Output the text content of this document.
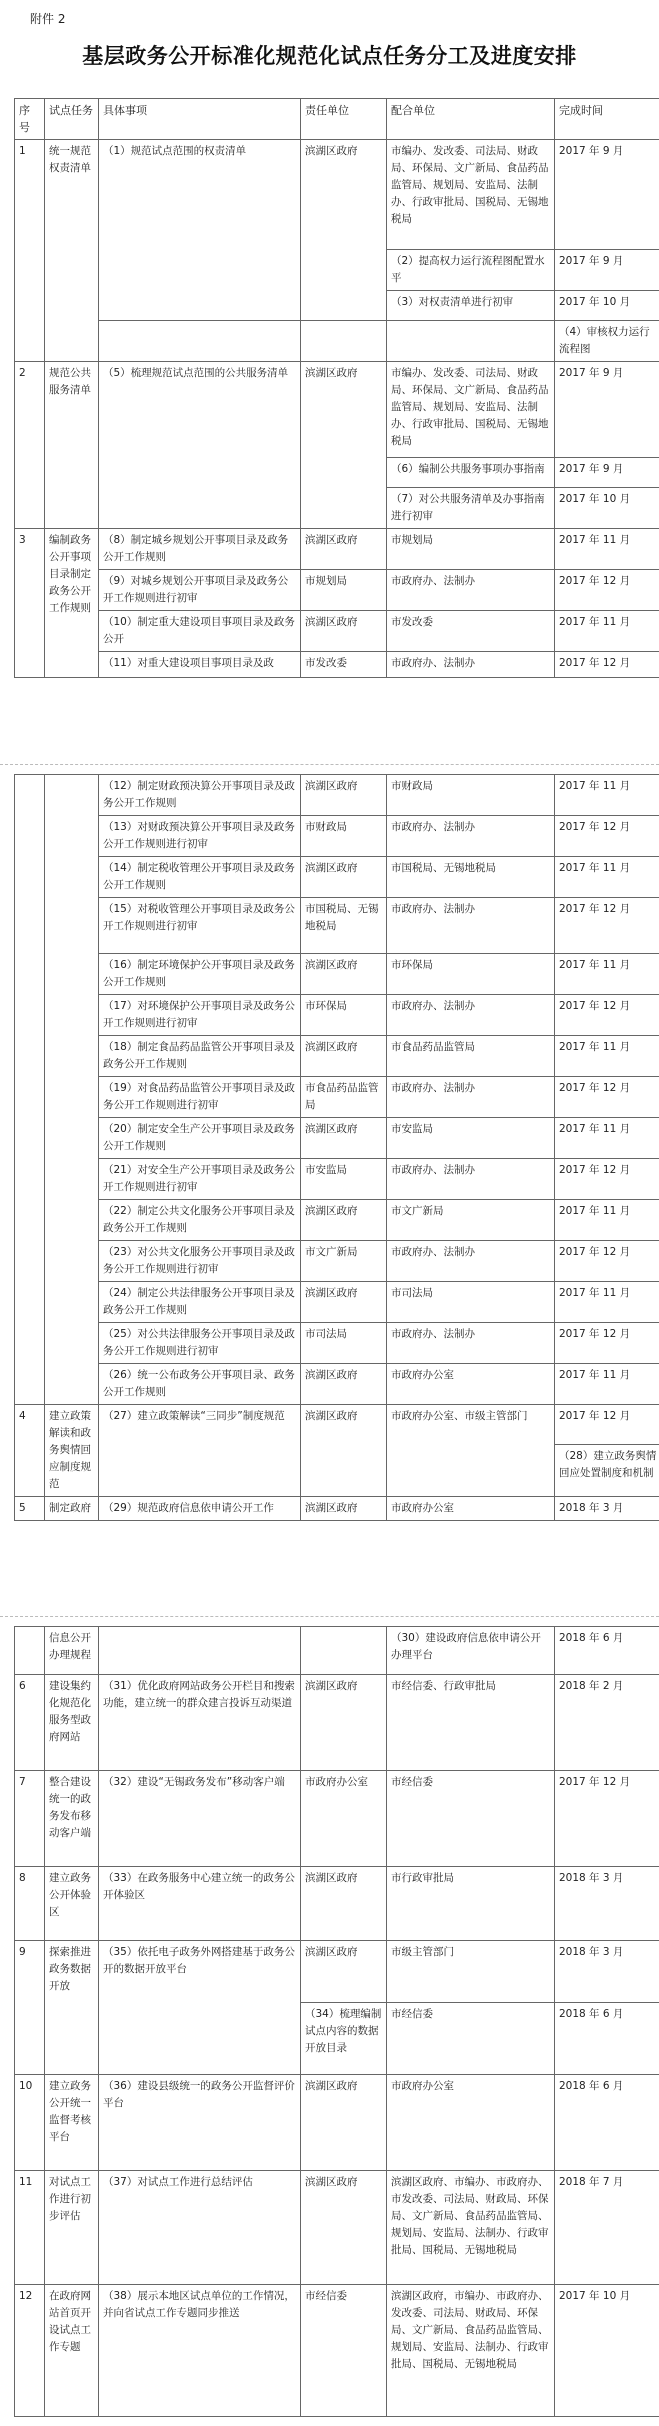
附件 2
基层政务公开标准化规范化试点任务分工及进度安排
序号	试点任务	具体事项	责任单位	配合单位	完成时间
1	统一规范权责清单	（1）规范试点范围的权责清单	滨湖区政府	市编办、发改委、司法局、财政局、环保局、文广新局、食品药品监管局、规划局、安监局、法制办、行政审批局、国税局、无锡地税局	2017 年 9 月
				（2）提高权力运行流程图配置水平	2017 年 9 月
				（3）对权责清单进行初审	2017 年 10 月
					（4）审核权力运行流程图
2	规范公共服务清单	（5）梳理规范试点范围的公共服务清单	滨湖区政府	市编办、发改委、司法局、财政局、环保局、文广新局、食品药品监管局、规划局、安监局、法制办、行政审批局、国税局、无锡地税局	2017 年 9 月
				（6）编制公共服务事项办事指南	2017 年 9 月
				（7）对公共服务清单及办事指南进行初审	2017 年 10 月
3	编制政务公开事项目录制定政务公开工作规则	（8）制定城乡规划公开事项目录及政务公开工作规则	滨湖区政府	市规划局	2017 年 11 月
		（9）对城乡规划公开事项目录及政务公开工作规则进行初审	市规划局	市政府办、法制办	2017 年 12 月
		（10）制定重大建设项目事项目录及政务公开	滨湖区政府	市发改委	2017 年 11 月
		（11）对重大建设项目事项目录及政	市发改委	市政府办、法制办	2017 年 12 月
		（12）制定财政预决算公开事项目录及政务公开工作规则	滨湖区政府	市财政局	2017 年 11 月
		（13）对财政预决算公开事项目录及政务公开工作规则进行初审	市财政局	市政府办、法制办	2017 年 12 月
		（14）制定税收管理公开事项目录及政务公开工作规则	滨湖区政府	市国税局、无锡地税局	2017 年 11 月
		（15）对税收管理公开事项目录及政务公开工作规则进行初审	市国税局、无锡地税局	市政府办、法制办	2017 年 12 月
		（16）制定环境保护公开事项目录及政务公开工作规则	滨湖区政府	市环保局	2017 年 11 月
		（17）对环境保护公开事项目录及政务公开工作规则进行初审	市环保局	市政府办、法制办	2017 年 12 月
		（18）制定食品药品监管公开事项目录及政务公开工作规则	滨湖区政府	市食品药品监管局	2017 年 11 月
		（19）对食品药品监管公开事项目录及政务公开工作规则进行初审	市食品药品监管局	市政府办、法制办	2017 年 12 月
		（20）制定安全生产公开事项目录及政务公开工作规则	滨湖区政府	市安监局	2017 年 11 月
		（21）对安全生产公开事项目录及政务公开工作规则进行初审	市安监局	市政府办、法制办	2017 年 12 月
		（22）制定公共文化服务公开事项目录及政务公开工作规则	滨湖区政府	市文广新局	2017 年 11 月
		（23）对公共文化服务公开事项目录及政务公开工作规则进行初审	市文广新局	市政府办、法制办	2017 年 12 月
		（24）制定公共法律服务公开事项目录及政务公开工作规则	滨湖区政府	市司法局	2017 年 11 月
		（25）对公共法律服务公开事项目录及政务公开工作规则进行初审	市司法局	市政府办、法制办	2017 年 12 月
		（26）统一公布政务公开事项目录、政务公开工作规则	滨湖区政府	市政府办公室	2017 年 11 月
4	建立政策解读和政务舆情回应制度规范	（27）建立政策解读“三同步”制度规范	滨湖区政府	市政府办公室、市级主管部门	2017 年 12 月
					（28）建立政务舆情回应处置制度和机制
5	制定政府	（29）规范政府信息依申请公开工作	滨湖区政府	市政府办公室	2018 年 3 月
	信息公开办理规程			（30）建设政府信息依申请公开办理平台	2018 年 6 月
6	建设集约化规范化服务型政府网站	（31）优化政府网站政务公开栏目和搜索功能，建立统一的群众建言投诉互动渠道	滨湖区政府	市经信委、行政审批局	2018 年 2 月
7	整合建设统一的政务发布移动客户端	（32）建设“无锡政务发布”移动客户端	市政府办公室	市经信委	2017 年 12 月
8	建立政务公开体验区	（33）在政务服务中心建立统一的政务公开体验区	滨湖区政府	市行政审批局	2018 年 3 月
9	探索推进政务数据开放	（35）依托电子政务外网搭建基于政务公开的数据开放平台	滨湖区政府	市级主管部门	2018 年 3 月
			（34）梳理编制试点内容的数据开放目录	市经信委	2018 年 6 月
10	建立政务公开统一监督考核平台	（36）建设县级统一的政务公开监督评价平台	滨湖区政府	市政府办公室	2018 年 6 月
11	对试点工作进行初步评估	（37）对试点工作进行总结评估	滨湖区政府	滨湖区政府、市编办、市政府办、市发改委、司法局、财政局、环保局、文广新局、食品药品监管局、规划局、安监局、法制办、行政审批局、国税局、无锡地税局	2018 年 7 月
12	在政府网站首页开设试点工作专题	（38）展示本地区试点单位的工作情况，并向省试点工作专题同步推送	市经信委	滨湖区政府，市编办、市政府办、发改委、司法局、财政局、环保局、文广新局、食品药品监管局、规划局、安监局、法制办、行政审批局、国税局、无锡地税局	2017 年 10 月
